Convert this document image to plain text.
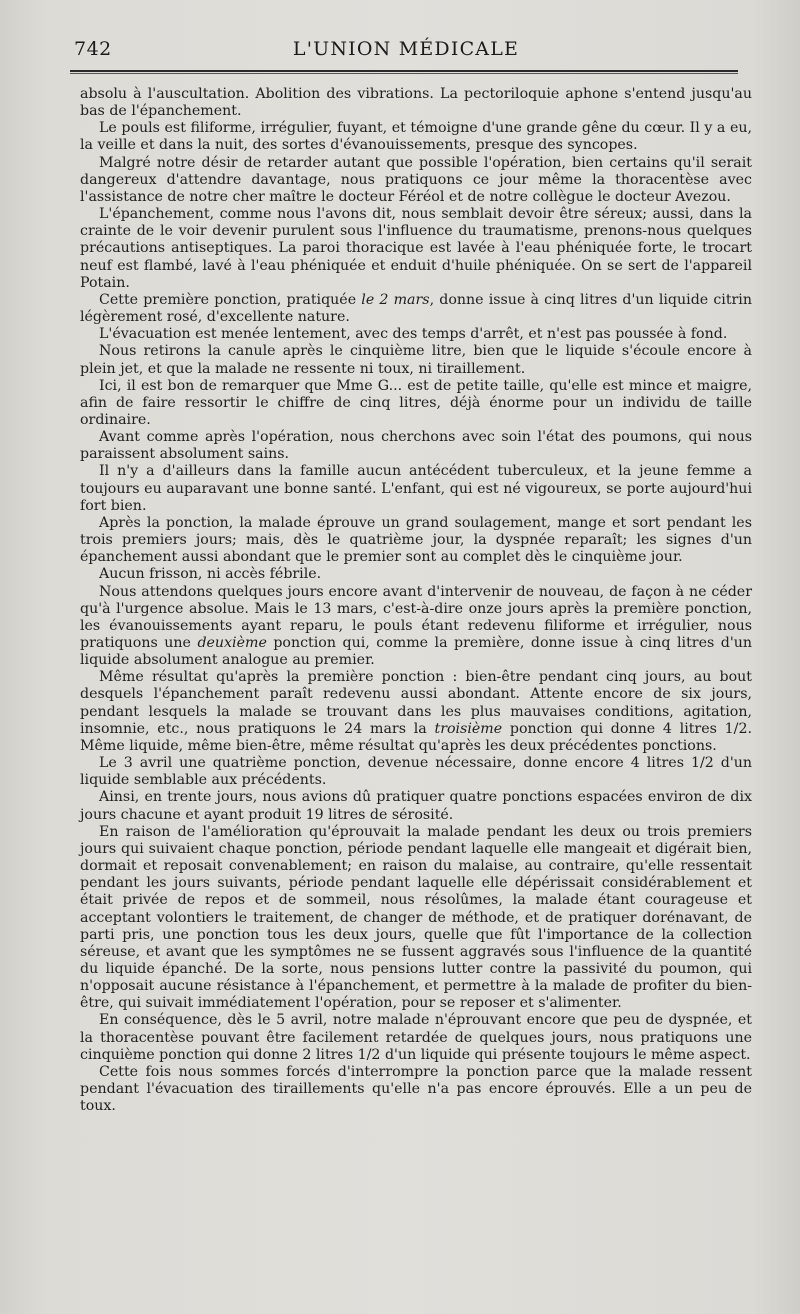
742	L'UNION MÉDICALE

absolu à l'auscultation. Abolition des vibrations. La pectoriloquie aphone s'entend jusqu'au bas de l'épanchement.

Le pouls est filiforme, irrégulier, fuyant, et témoigne d'une grande gêne du cœur. Il y a eu, la veille et dans la nuit, des sortes d'évanouissements, presque des syncopes.

Malgré notre désir de retarder autant que possible l'opération, bien certains qu'il serait dangereux d'attendre davantage, nous pratiquons ce jour même la thoracentèse avec l'assistance de notre cher maître le docteur Féréol et de notre collègue le docteur Avezou.

L'épanchement, comme nous l'avons dit, nous semblait devoir être séreux; aussi, dans la crainte de le voir devenir purulent sous l'influence du traumatisme, prenons-nous quelques précautions antiseptiques. La paroi thoracique est lavée à l'eau phéniquée forte, le trocart neuf est flambé, lavé à l'eau phéniquée et enduit d'huile phéniquée. On se sert de l'appareil Potain.

Cette première ponction, pratiquée le 2 mars, donne issue à cinq litres d'un liquide citrin légèrement rosé, d'excellente nature.

L'évacuation est menée lentement, avec des temps d'arrêt, et n'est pas poussée à fond.

Nous retirons la canule après le cinquième litre, bien que le liquide s'écoule encore à plein jet, et que la malade ne ressente ni toux, ni tiraillement.

Ici, il est bon de remarquer que Mme G... est de petite taille, qu'elle est mince et maigre, afin de faire ressortir le chiffre de cinq litres, déjà énorme pour un individu de taille ordinaire.

Avant comme après l'opération, nous cherchons avec soin l'état des poumons, qui nous paraissent absolument sains.

Il n'y a d'ailleurs dans la famille aucun antécédent tuberculeux, et la jeune femme a toujours eu auparavant une bonne santé. L'enfant, qui est né vigoureux, se porte aujourd'hui fort bien.

Après la ponction, la malade éprouve un grand soulagement, mange et sort pendant les trois premiers jours; mais, dès le quatrième jour, la dyspnée reparaît; les signes d'un épanchement aussi abondant que le premier sont au complet dès le cinquième jour.

Aucun frisson, ni accès fébrile.

Nous attendons quelques jours encore avant d'intervenir de nouveau, de façon à ne céder qu'à l'urgence absolue. Mais le 13 mars, c'est-à-dire onze jours après la première ponction, les évanouissements ayant reparu, le pouls étant redevenu filiforme et irrégulier, nous pratiquons une deuxième ponction qui, comme la première, donne issue à cinq litres d'un liquide absolument analogue au premier.

Même résultat qu'après la première ponction : bien-être pendant cinq jours, au bout desquels l'épanchement paraît redevenu aussi abondant. Attente encore de six jours, pendant lesquels la malade se trouvant dans les plus mauvaises conditions, agitation, insomnie, etc., nous pratiquons le 24 mars la troisième ponction qui donne 4 litres 1/2. Même liquide, même bien-être, même résultat qu'après les deux précédentes ponctions.

Le 3 avril une quatrième ponction, devenue nécessaire, donne encore 4 litres 1/2 d'un liquide semblable aux précédents.

Ainsi, en trente jours, nous avions dû pratiquer quatre ponctions espacées environ de dix jours chacune et ayant produit 19 litres de sérosité.

En raison de l'amélioration qu'éprouvait la malade pendant les deux ou trois premiers jours qui suivaient chaque ponction, période pendant laquelle elle mangeait et digérait bien, dormait et reposait convenablement; en raison du malaise, au contraire, qu'elle ressentait pendant les jours suivants, période pendant laquelle elle dépérissait considérablement et était privée de repos et de sommeil, nous résolûmes, la malade étant courageuse et acceptant volontiers le traitement, de changer de méthode, et de pratiquer dorénavant, de parti pris, une ponction tous les deux jours, quelle que fût l'importance de la collection séreuse, et avant que les symptômes ne se fussent aggravés sous l'influence de la quantité du liquide épanché. De la sorte, nous pensions lutter contre la passivité du poumon, qui n'opposait aucune résistance à l'épanchement, et permettre à la malade de profiter du bien-être, qui suivait immédiatement l'opération, pour se reposer et s'alimenter.

En conséquence, dès le 5 avril, notre malade n'éprouvant encore que peu de dyspnée, et la thoracentèse pouvant être facilement retardée de quelques jours, nous pratiquons une cinquième ponction qui donne 2 litres 1/2 d'un liquide qui présente toujours le même aspect.

Cette fois nous sommes forcés d'interrompre la ponction parce que la malade ressent pendant l'évacuation des tiraillements qu'elle n'a pas encore éprouvés. Elle a un peu de toux.
